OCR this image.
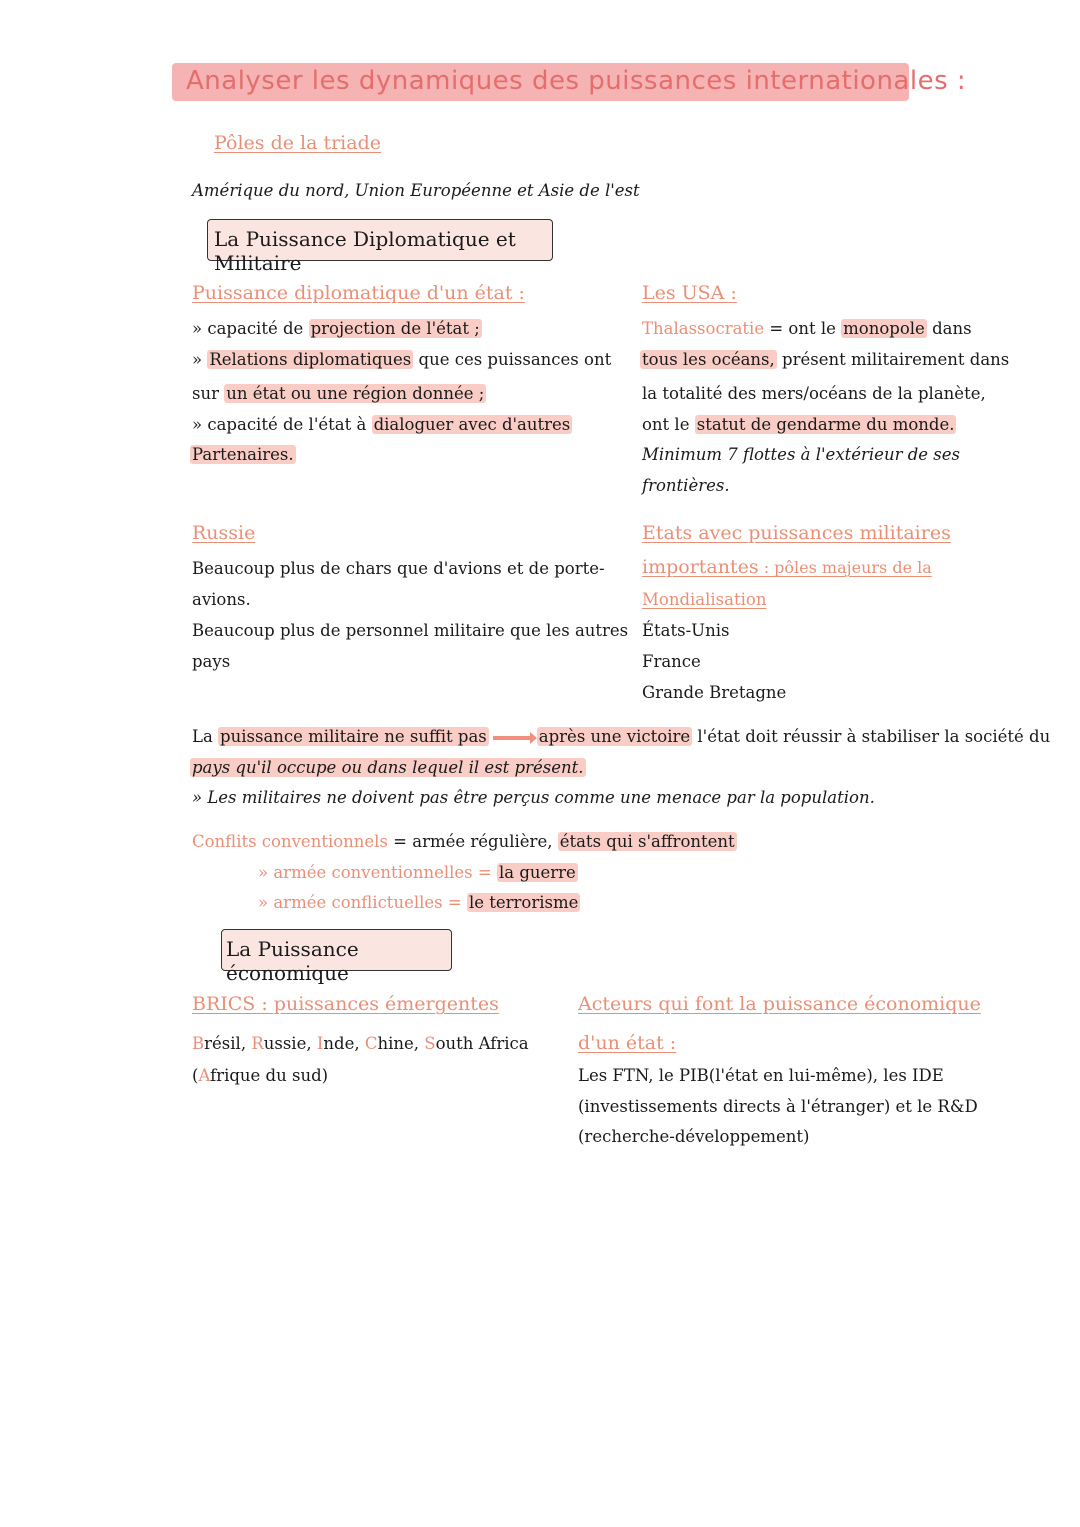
Analyser les dynamiques des puissances internationales :
Pôles de la triade
Amérique du nord, Union Européenne et Asie de l'est
La Puissance Diplomatique et Militaire
Puissance diplomatique d'un état :
» capacité de projection de l'état ;
» Relations diplomatiques que ces puissances ont
sur un état ou une région donnée ;
» capacité de l'état à dialoguer avec d'autres
Partenaires.
Les USA :
Thalassocratie = ont le monopole dans
tous les océans, présent militairement dans
la totalité des mers/océans de la planète,
ont le statut de gendarme du monde.
Minimum 7 flottes à l'extérieur de ses
frontières.
Russie
Beaucoup plus de chars que d'avions et de porte-
avions.
Beaucoup plus de personnel militaire que les autres
pays
Etats avec puissances militaires
importantes : pôles majeurs de la
Mondialisation
États-Unis
France
Grande Bretagne
La puissance militaire ne suffit pas	après une victoire l'état doit réussir à stabiliser la société du
pays qu'il occupe ou dans lequel il est présent.
» Les militaires ne doivent pas être perçus comme une menace par la population.
Conflits conventionnels = armée régulière, états qui s'affrontent
» armée conventionnelles = la guerre
» armée conflictuelles = le terrorisme
La Puissance économique
BRICS : puissances émergentes
Brésil, Russie, Inde, Chine, South Africa
(Afrique du sud)
Acteurs qui font la puissance économique
d'un état :
Les FTN, le PIB(l'état en lui-même), les IDE
(investissements directs à l'étranger) et le R&D
(recherche-développement)
